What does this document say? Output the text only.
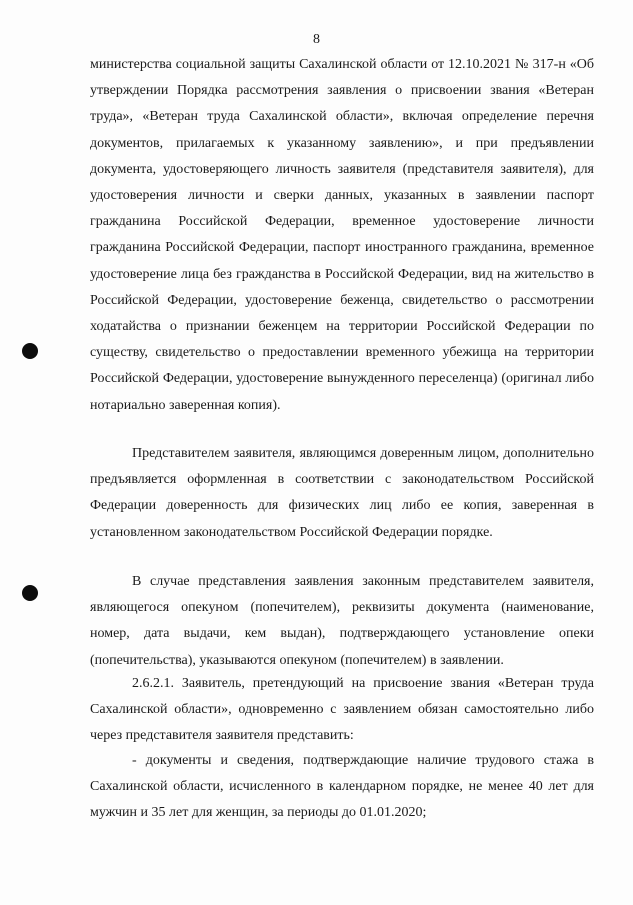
8

министерства социальной защиты Сахалинской области от 12.10.2021 № 317-н «Об утверждении Порядка рассмотрения заявления о присвоении звания «Ветеран труда», «Ветеран труда Сахалинской области», включая определение перечня документов, прилагаемых к указанному заявлению», и при предъявлении документа, удостоверяющего личность заявителя (представителя заявителя), для удостоверения личности и сверки данных, указанных в заявлении паспорт гражданина Российской Федерации, временное удостоверение личности гражданина Российской Федерации, паспорт иностранного гражданина, временное удостоверение лица без гражданства в Российской Федерации, вид на жительство в Российской Федерации, удостоверение беженца, свидетельство о рассмотрении ходатайства о признании беженцем на территории Российской Федерации по существу, свидетельство о предоставлении временного убежища на территории Российской Федерации, удостоверение вынужденного переселенца) (оригинал либо нотариально заверенная копия).

Представителем заявителя, являющимся доверенным лицом, дополнительно предъявляется оформленная в соответствии с законодательством Российской Федерации доверенность для физических лиц либо ее копия, заверенная в установленном законодательством Российской Федерации порядке.

В случае представления заявления законным представителем заявителя, являющегося опекуном (попечителем), реквизиты документа (наименование, номер, дата выдачи, кем выдан), подтверждающего установление опеки (попечительства), указываются опекуном (попечителем) в заявлении.

2.6.2.1. Заявитель, претендующий на присвоение звания «Ветеран труда Сахалинской области», одновременно с заявлением обязан самостоятельно либо через представителя заявителя представить:

- документы и сведения, подтверждающие наличие трудового стажа в Сахалинской области, исчисленного в календарном порядке, не менее 40 лет для мужчин и 35 лет для женщин, за периоды до 01.01.2020;
